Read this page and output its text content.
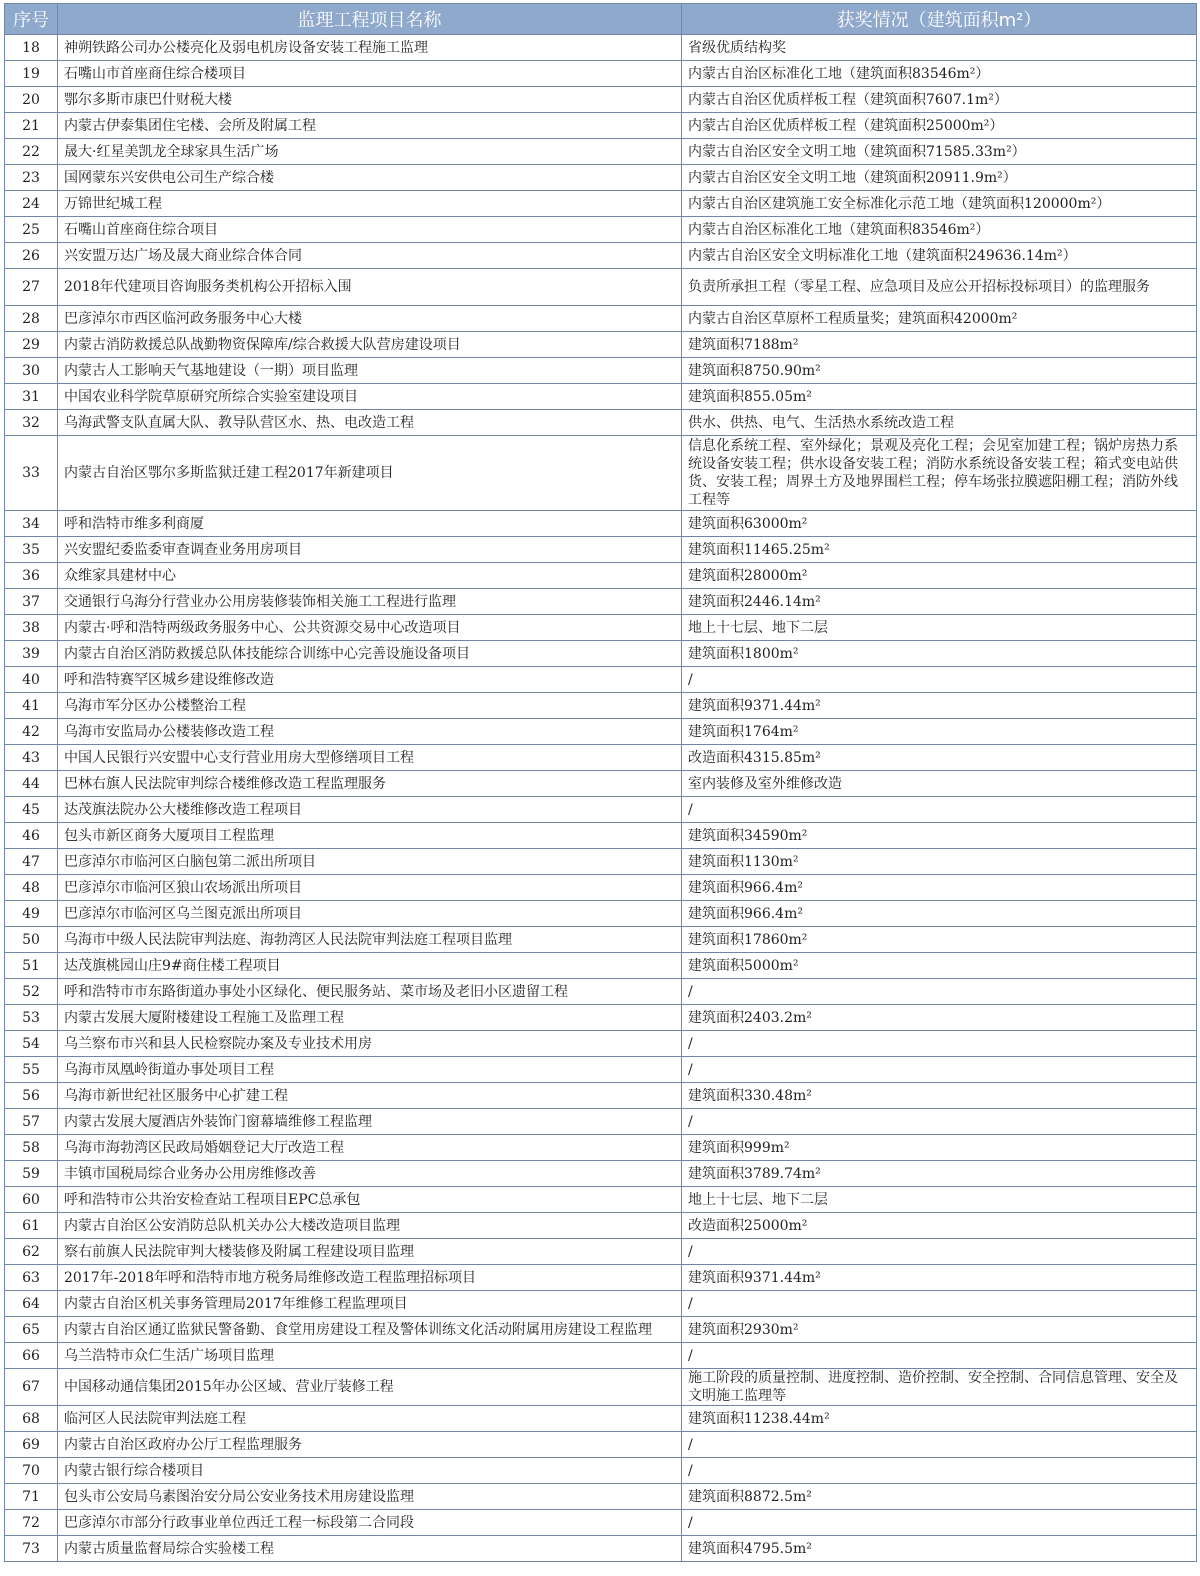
序号	监理工程项目名称	获奖情况（建筑面积m²）
18	神朔铁路公司办公楼亮化及弱电机房设备安装工程施工监理	省级优质结构奖
19	石嘴山市首座商住综合楼项目	内蒙古自治区标准化工地（建筑面积83546m²）
20	鄂尔多斯市康巴什财税大楼	内蒙古自治区优质样板工程（建筑面积7607.1m²）
21	内蒙古伊泰集团住宅楼、会所及附属工程	内蒙古自治区优质样板工程（建筑面积25000m²）
22	晟大·红星美凯龙全球家具生活广场	内蒙古自治区安全文明工地（建筑面积71585.33m²）
23	国网蒙东兴安供电公司生产综合楼	内蒙古自治区安全文明工地（建筑面积20911.9m²）
24	万锦世纪城工程	内蒙古自治区建筑施工安全标准化示范工地（建筑面积120000m²）
25	石嘴山首座商住综合项目	内蒙古自治区标准化工地（建筑面积83546m²）
26	兴安盟万达广场及晟大商业综合体合同	内蒙古自治区安全文明标准化工地（建筑面积249636.14m²）
27	2018年代建项目咨询服务类机构公开招标入围	负责所承担工程（零星工程、应急项目及应公开招标投标项目）的监理服务
28	巴彦淖尔市西区临河政务服务中心大楼	内蒙古自治区草原杯工程质量奖；建筑面积42000m²
29	内蒙古消防救援总队战勤物资保障库/综合救援大队营房建设项目	建筑面积7188m²
30	内蒙古人工影响天气基地建设（一期）项目监理	建筑面积8750.90m²
31	中国农业科学院草原研究所综合实验室建设项目	建筑面积855.05m²
32	乌海武警支队直属大队、教导队营区水、热、电改造工程	供水、供热、电气、生活热水系统改造工程
33	内蒙古自治区鄂尔多斯监狱迁建工程2017年新建项目	信息化系统工程、室外绿化；景观及亮化工程；会见室加建工程；锅炉房热力系统设备安装工程；供水设备安装工程；消防水系统设备安装工程；箱式变电站供货、安装工程；周界土方及地界围栏工程；停车场张拉膜遮阳棚工程；消防外线工程等
34	呼和浩特市维多利商厦	建筑面积63000m²
35	兴安盟纪委监委审查调查业务用房项目	建筑面积11465.25m²
36	众维家具建材中心	建筑面积28000m²
37	交通银行乌海分行营业办公用房装修装饰相关施工工程进行监理	建筑面积2446.14m²
38	内蒙古·呼和浩特两级政务服务中心、公共资源交易中心改造项目	地上十七层、地下二层
39	内蒙古自治区消防救援总队体技能综合训练中心完善设施设备项目	建筑面积1800m²
40	呼和浩特赛罕区城乡建设维修改造	/
41	乌海市军分区办公楼整治工程	建筑面积9371.44m²
42	乌海市安监局办公楼装修改造工程	建筑面积1764m²
43	中国人民银行兴安盟中心支行营业用房大型修缮项目工程	改造面积4315.85m²
44	巴林右旗人民法院审判综合楼维修改造工程监理服务	室内装修及室外维修改造
45	达茂旗法院办公大楼维修改造工程项目	/
46	包头市新区商务大厦项目工程监理	建筑面积34590m²
47	巴彦淖尔市临河区白脑包第二派出所项目	建筑面积1130m²
48	巴彦淖尔市临河区狼山农场派出所项目	建筑面积966.4m²
49	巴彦淖尔市临河区乌兰图克派出所项目	建筑面积966.4m²
50	乌海市中级人民法院审判法庭、海勃湾区人民法院审判法庭工程项目监理	建筑面积17860m²
51	达茂旗桃园山庄9#商住楼工程项目	建筑面积5000m²
52	呼和浩特市市东路街道办事处小区绿化、便民服务站、菜市场及老旧小区遗留工程	/
53	内蒙古发展大厦附楼建设工程施工及监理工程	建筑面积2403.2m²
54	乌兰察布市兴和县人民检察院办案及专业技术用房	/
55	乌海市凤凰岭街道办事处项目工程	/
56	乌海市新世纪社区服务中心扩建工程	建筑面积330.48m²
57	内蒙古发展大厦酒店外装饰门窗幕墙维修工程监理	/
58	乌海市海勃湾区民政局婚姻登记大厅改造工程	建筑面积999m²
59	丰镇市国税局综合业务办公用房维修改善	建筑面积3789.74m²
60	呼和浩特市公共治安检查站工程项目EPC总承包	地上十七层、地下二层
61	内蒙古自治区公安消防总队机关办公大楼改造项目监理	改造面积25000m²
62	察右前旗人民法院审判大楼装修及附属工程建设项目监理	/
63	2017年-2018年呼和浩特市地方税务局维修改造工程监理招标项目	建筑面积9371.44m²
64	内蒙古自治区机关事务管理局2017年维修工程监理项目	/
65	内蒙古自治区通辽监狱民警备勤、食堂用房建设工程及警体训练文化活动附属用房建设工程监理	建筑面积2930m²
66	乌兰浩特市众仁生活广场项目监理	/
67	中国移动通信集团2015年办公区域、营业厅装修工程	施工阶段的质量控制、进度控制、造价控制、安全控制、合同信息管理、安全及文明施工监理等
68	临河区人民法院审判法庭工程	建筑面积11238.44m²
69	内蒙古自治区政府办公厅工程监理服务	/
70	内蒙古银行综合楼项目	/
71	包头市公安局乌素图治安分局公安业务技术用房建设监理	建筑面积8872.5m²
72	巴彦淖尔市部分行政事业单位西迁工程一标段第二合同段	/
73	内蒙古质量监督局综合实验楼工程	建筑面积4795.5m²
